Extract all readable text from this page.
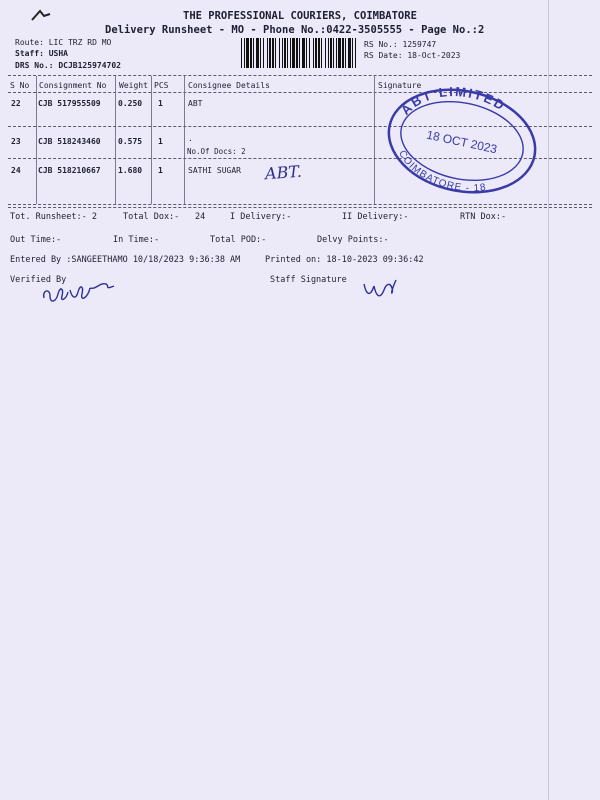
THE PROFESSIONAL COURIERS, COIMBATORE
Delivery Runsheet - MO - Phone No.:0422-3505555 - Page No.:2
Route: LIC TRZ RD MO
Staff: USHA
DRS No.: DCJB125974702
RS No.: 1259747
RS Date: 18-Oct-2023
S No Consignment No Weight PCS Consignee Details	Signature
22 CJB 517955509 0.250 1	ABT
23 CJB 518243460 0.575 1	.
No.Of Docs: 2
24 CJB 518210667 1.680 1	SATHI SUGAR ABT.
ABT LIMITED
COIMBATORE - 18
18 OCT 2023
Tot. Runsheet:- 2	Total Dox:- 24	I Delivery:-	II Delivery:-	RTN Dox:-
Out Time:-	In Time:-	Total POD:-	Delvy Points:-
Entered By :SANGEETHAMO 10/18/2023 9:36:38 AM	Printed on: 18-10-2023 09:36:42
Verified By	Staff Signature
